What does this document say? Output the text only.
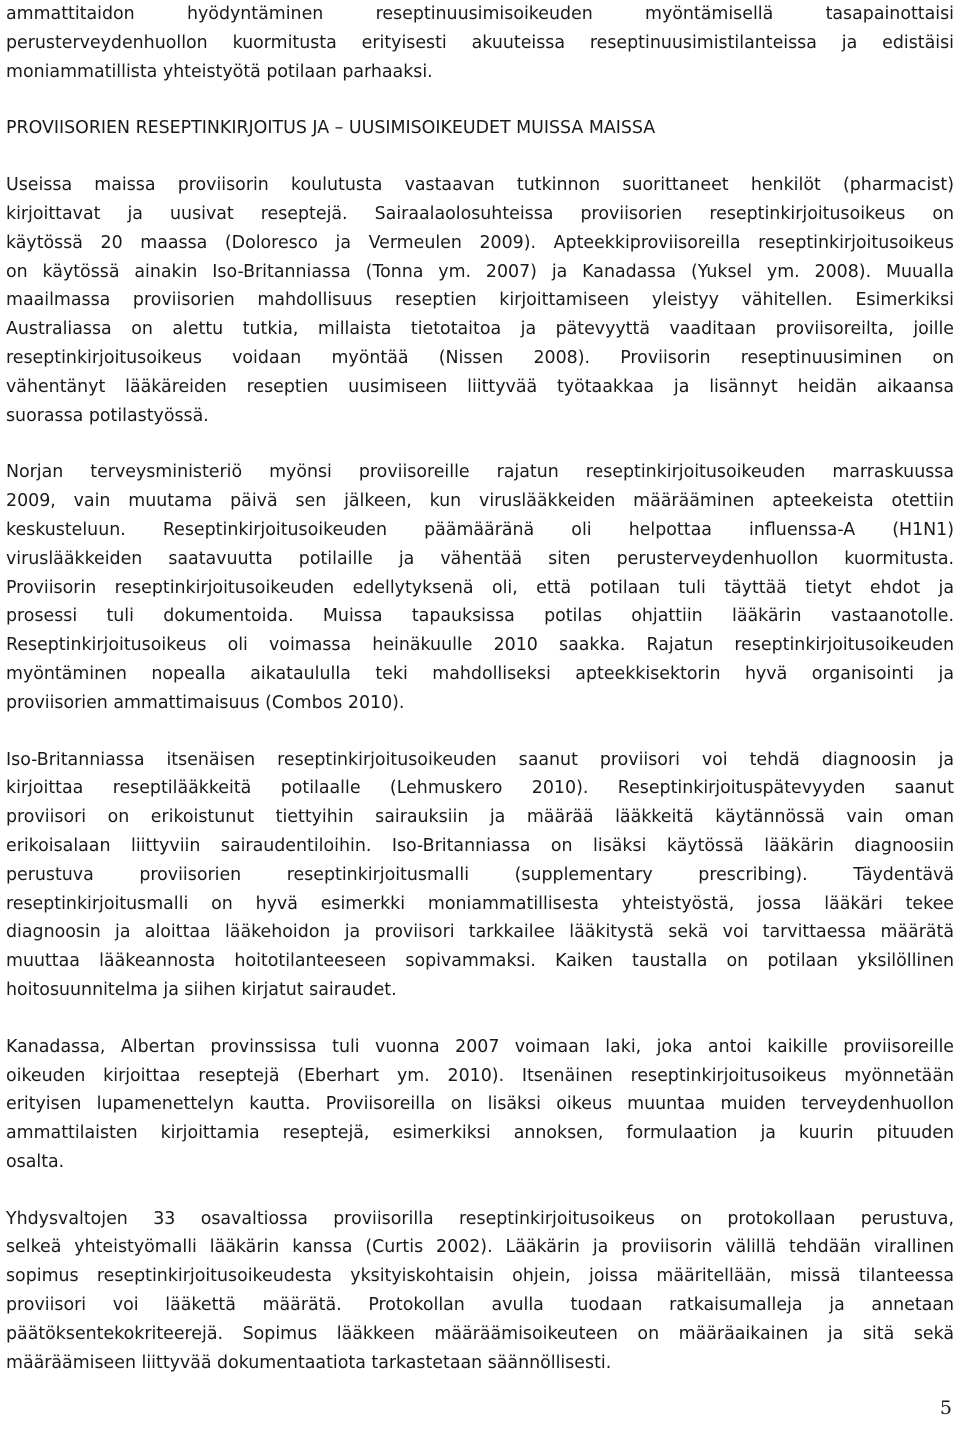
ammattitaidon hyödyntäminen reseptinuusimisoikeuden myöntämisellä tasapainottaisi
perusterveydenhuollon kuormitusta erityisesti akuuteissa reseptinuusimistilanteissa ja edistäisi
moniammatillista yhteistyötä potilaan parhaaksi.
PROVIISORIEN RESEPTINKIRJOITUS JA – UUSIMISOIKEUDET MUISSA MAISSA
Useissa maissa proviisorin koulutusta vastaavan tutkinnon suorittaneet henkilöt (pharmacist)
kirjoittavat ja uusivat reseptejä. Sairaalaolosuhteissa proviisorien reseptinkirjoitusoikeus on
käytössä 20 maassa (Doloresco ja Vermeulen 2009). Apteekkiproviisoreilla reseptinkirjoitusoikeus
on käytössä ainakin Iso-Britanniassa (Tonna ym. 2007) ja Kanadassa (Yuksel ym. 2008). Muualla
maailmassa proviisorien mahdollisuus reseptien kirjoittamiseen yleistyy vähitellen. Esimerkiksi
Australiassa on alettu tutkia, millaista tietotaitoa ja pätevyyttä vaaditaan proviisoreilta, joille
reseptinkirjoitusoikeus voidaan myöntää (Nissen 2008). Proviisorin reseptinuusiminen on
vähentänyt lääkäreiden reseptien uusimiseen liittyvää työtaakkaa ja lisännyt heidän aikaansa
suorassa potilastyössä.
Norjan terveysministeriö myönsi proviisoreille rajatun reseptinkirjoitusoikeuden marraskuussa
2009, vain muutama päivä sen jälkeen, kun viruslääkkeiden määrääminen apteekeista otettiin
keskusteluun. Reseptinkirjoitusoikeuden päämääränä oli helpottaa influenssa-A (H1N1)
viruslääkkeiden saatavuutta potilaille ja vähentää siten perusterveydenhuollon kuormitusta.
Proviisorin reseptinkirjoitusoikeuden edellytyksenä oli, että potilaan tuli täyttää tietyt ehdot ja
prosessi tuli dokumentoida. Muissa tapauksissa potilas ohjattiin lääkärin vastaanotolle.
Reseptinkirjoitusoikeus oli voimassa heinäkuulle 2010 saakka. Rajatun reseptinkirjoitusoikeuden
myöntäminen nopealla aikataululla teki mahdolliseksi apteekkisektorin hyvä organisointi ja
proviisorien ammattimaisuus (Combos 2010).
Iso-Britanniassa itsenäisen reseptinkirjoitusoikeuden saanut proviisori voi tehdä diagnoosin ja
kirjoittaa reseptilääkkeitä potilaalle (Lehmuskero 2010). Reseptinkirjoituspätevyyden saanut
proviisori on erikoistunut tiettyihin sairauksiin ja määrää lääkkeitä käytännössä vain oman
erikoisalaan liittyviin sairaudentiloihin. Iso-Britanniassa on lisäksi käytössä lääkärin diagnoosiin
perustuva proviisorien reseptinkirjoitusmalli (supplementary prescribing). Täydentävä
reseptinkirjoitusmalli on hyvä esimerkki moniammatillisesta yhteistyöstä, jossa lääkäri tekee
diagnoosin ja aloittaa lääkehoidon ja proviisori tarkkailee lääkitystä sekä voi tarvittaessa määrätä
muuttaa lääkeannosta hoitotilanteeseen sopivammaksi. Kaiken taustalla on potilaan yksilöllinen
hoitosuunnitelma ja siihen kirjatut sairaudet.
Kanadassa, Albertan provinssissa tuli vuonna 2007 voimaan laki, joka antoi kaikille proviisoreille
oikeuden kirjoittaa reseptejä (Eberhart ym. 2010). Itsenäinen reseptinkirjoitusoikeus myönnetään
erityisen lupamenettelyn kautta. Proviisoreilla on lisäksi oikeus muuntaa muiden terveydenhuollon
ammattilaisten kirjoittamia reseptejä, esimerkiksi annoksen, formulaation ja kuurin pituuden
osalta.
Yhdysvaltojen 33 osavaltiossa proviisorilla reseptinkirjoitusoikeus on protokollaan perustuva,
selkeä yhteistyömalli lääkärin kanssa (Curtis 2002). Lääkärin ja proviisorin välillä tehdään virallinen
sopimus reseptinkirjoitusoikeudesta yksityiskohtaisin ohjein, joissa määritellään, missä tilanteessa
proviisori voi lääkettä määrätä. Protokollan avulla tuodaan ratkaisumalleja ja annetaan
päätöksentekokriteerejä. Sopimus lääkkeen määräämisoikeuteen on määräaikainen ja sitä sekä
määräämiseen liittyvää dokumentaatiota tarkastetaan säännöllisesti.
5
